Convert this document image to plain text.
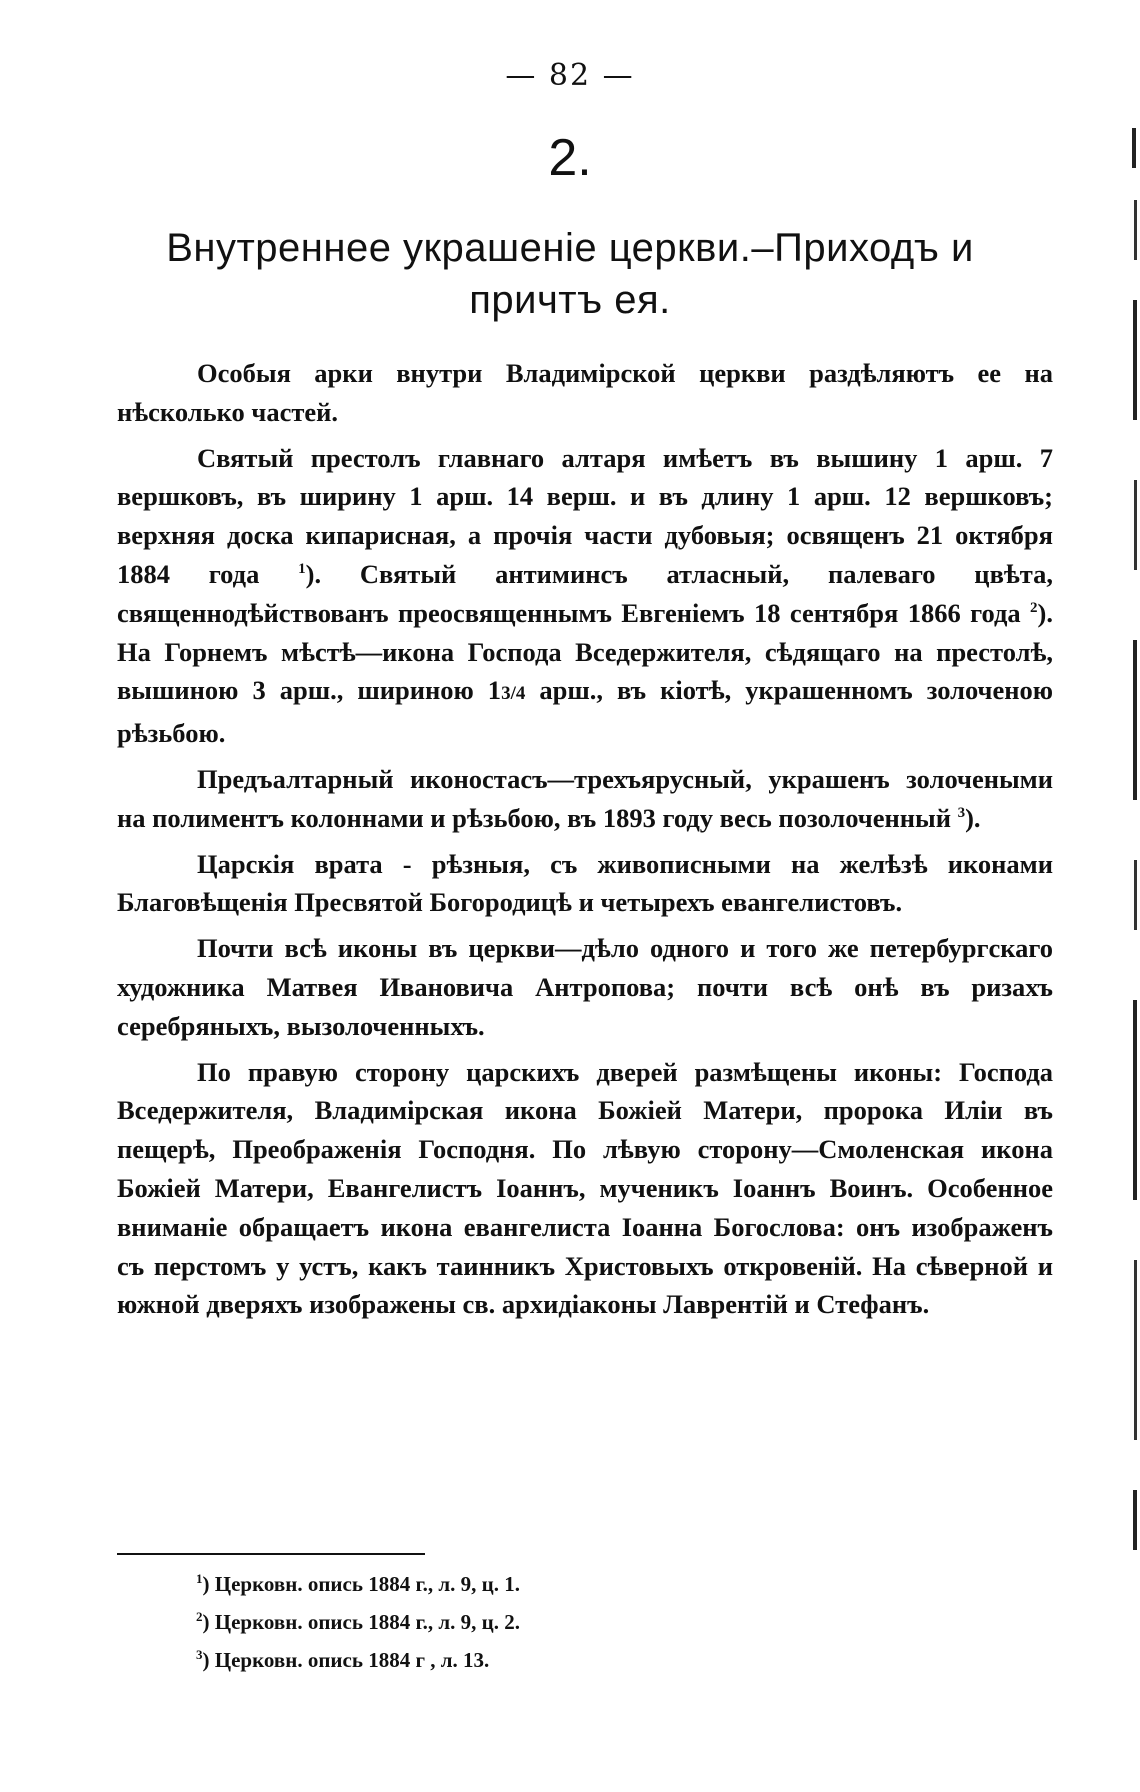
— 82 —
2.
Внутреннее украшеніе церкви.–Приходъ и
причтъ ея.

Особыя арки внутри Владимірской церкви раздѣляютъ ее на нѣсколько частей.

Святый престолъ главнаго алтаря имѣетъ въ вышину 1 арш. 7 вершковъ, въ ширину 1 арш. 14 верш. и въ длину 1 арш. 12 вершковъ; верхняя доска кипарисная, а прочія части дубовыя; освященъ 21 октября 1884 года $^1$). Святый антиминсъ атласный, палеваго цвѣта, священнодѣйствованъ преосвященнымъ Евгеніемъ 18 сентября 1866 года $^2$). На Горнемъ мѣстѣ—икона Господа Вседержителя, сѣдящаго на престолѣ, вышиною 3 арш., шириною 13/4 арш., въ кіотѣ, украшенномъ золоченою рѣзьбою.

Предъалтарный иконостасъ—трехъярусный, украшенъ золочеными на полиментъ колоннами и рѣзьбою, въ 1893 году весь позолоченный $^3$).

Царскія врата - рѣзныя, съ живописными на желѣзѣ иконами Благовѣщенія Пресвятой Богородицѣ и четырехъ евангелистовъ.

Почти всѣ иконы въ церкви—дѣло одного и того же петербургскаго художника Матвея Ивановича Антропова; почти всѣ онѣ въ ризахъ серебряныхъ, вызолоченныхъ.

По правую сторону царскихъ дверей размѣщены иконы: Господа Вседержителя, Владимірская икона Божіей Матери, пророка Иліи въ пещерѣ, Преображенія Господня. По лѣвую сторону—Смоленская икона Божіей Матери, Евангелистъ Іоаннъ, мученикъ Іоаннъ Воинъ. Особенное вниманіе обращаетъ икона евангелиста Іоанна Богослова: онъ изображенъ съ перстомъ у устъ, какъ таинникъ Христовыхъ откровеній. На сѣверной и южной дверяхъ изображены св. архидіаконы Лаврентій и Стефанъ.

$^1$) Церковн. опись 1884 г., л. 9, ц. 1.
$^2$) Церковн. опись 1884 г., л. 9, ц. 2.
$^3$) Церковн. опись 1884 г , л. 13.
